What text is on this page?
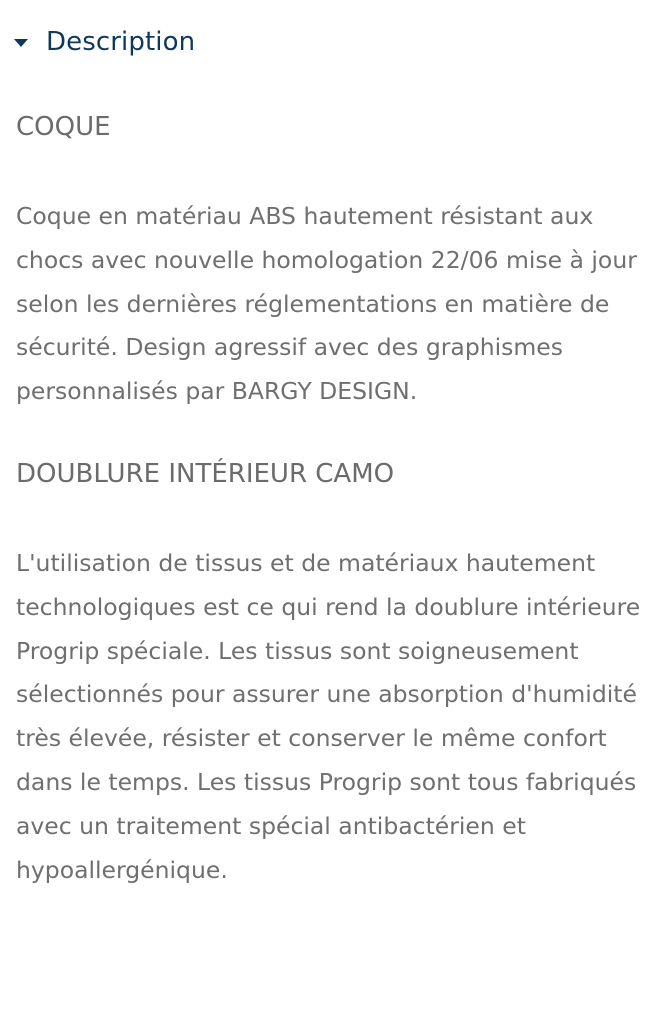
Description
COQUE
Coque en matériau ABS hautement résistant aux chocs avec nouvelle homologation 22/06 mise à jour selon les dernières réglementations en matière de sécurité. Design agressif avec des graphismes personnalisés par BARGY DESIGN.
DOUBLURE INTÉRIEUR CAMO
L'utilisation de tissus et de matériaux hautement technologiques est ce qui rend la doublure intérieure Progrip spéciale. Les tissus sont soigneusement sélectionnés pour assurer une absorption d'humidité très élevée, résister et conserver le même confort dans le temps. Les tissus Progrip sont tous fabriqués avec un traitement spécial antibactérien et hypoallergénique.
